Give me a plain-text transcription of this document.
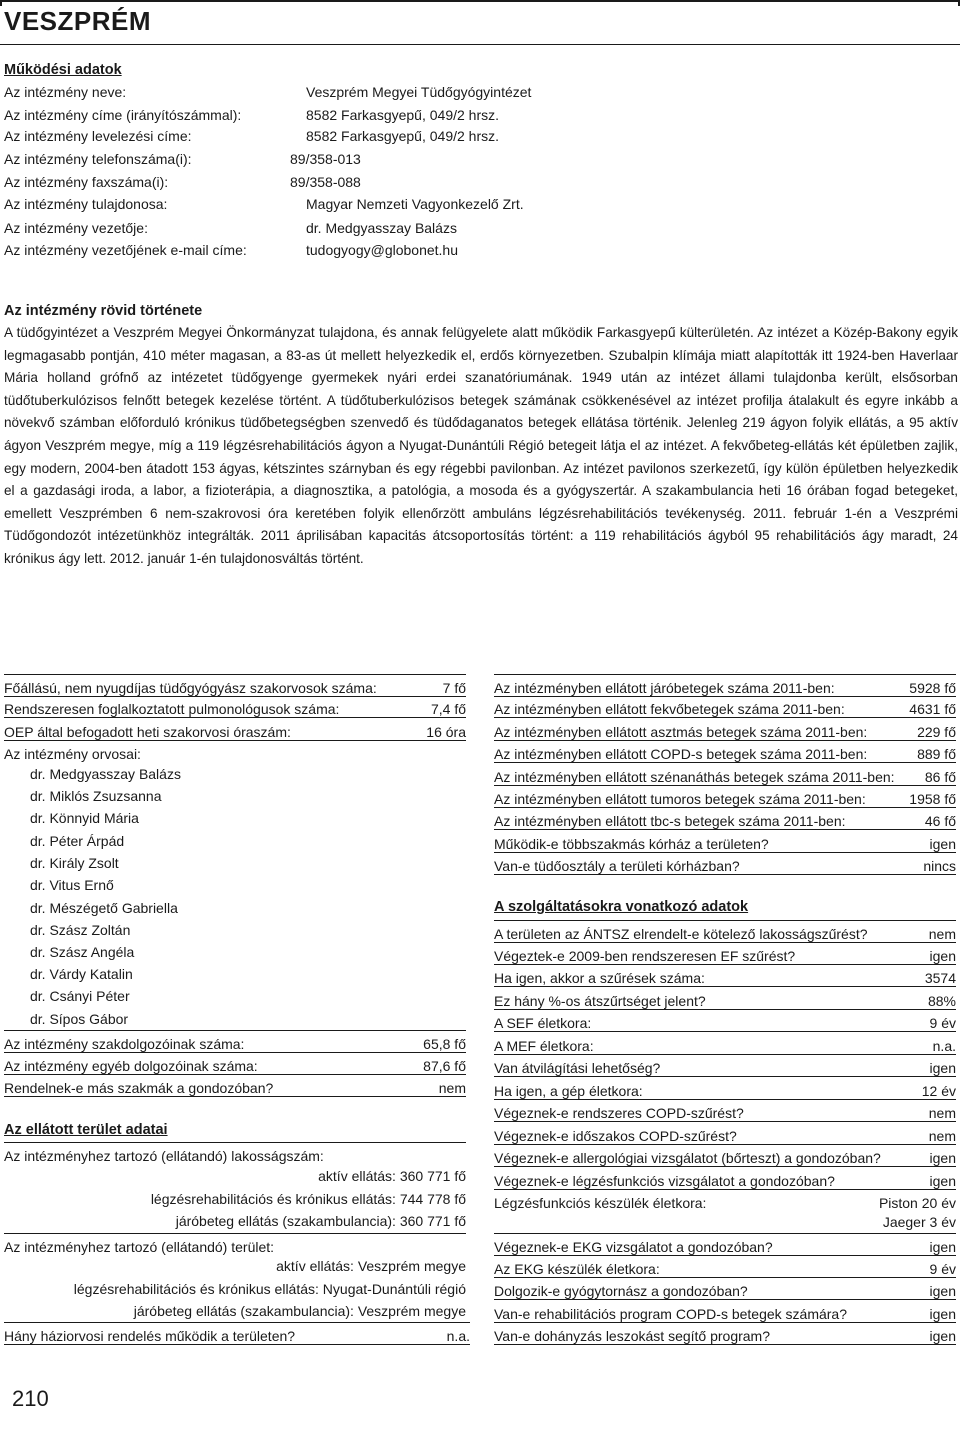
VESZPRÉM
Működési adatok
Az intézmény neve:	Veszprém Megyei Tüdőgyógyintézet
Az intézmény címe (irányítószámmal):	8582 Farkasgyepű, 049/2 hrsz.
Az intézmény levelezési címe:	8582 Farkasgyepű, 049/2 hrsz.
Az intézmény telefonszáma(i):	89/358-013
Az intézmény faxszáma(i):	89/358-088
Az intézmény tulajdonosa:	Magyar Nemzeti Vagyonkezelő Zrt.
Az intézmény vezetője:	dr. Medgyasszay Balázs
Az intézmény vezetőjének e-mail címe:	tudogyogy@globonet.hu
Az intézmény rövid története
A tüdőgyintézet a Veszprém Megyei Önkormányzat tulajdona, és annak felügyelete alatt működik Farkasgyepű külterületén. Az intézet a Közép-Bakony egyik legmagasabb pontján, 410 méter magasan, a 83-as út mellett helyezkedik el, erdős környezetben. Szubalpin klímája miatt alapították itt 1924-ben Haverlaar Mária holland grófnő az intézetet tüdőgyenge gyermekek nyári erdei szanatóriumának. 1949 után az intézet állami tulajdonba került, elsősorban tüdőtuberkulózisos felnőtt betegek kezelése történt. A tüdőtuberkulózisos betegek számának csökkenésével az intézet profilja átalakult és egyre inkább a növekvő számban előforduló krónikus tüdőbetegségben szenvedő és tüdődaganatos betegek ellátása történik. Jelenleg 219 ágyon folyik ellátás, a 95 aktív ágyon Veszprém megye, míg a 119 légzésrehabilitációs ágyon a Nyugat-Dunántúli Régió betegeit látja el az intézet. A fekvőbeteg-ellátás két épületben zajlik, egy modern, 2004-ben átadott 153 ágyas, kétszintes szárnyban és egy régebbi pavilonban. Az intézet pavilonos szerkezetű, így külön épületben helyezkedik el a gazdasági iroda, a labor, a fizioterápia, a diagnosztika, a patológia, a mosoda és a gyógyszertár. A szakambulancia heti 16 órában fogad betegeket, emellett Veszprémben 6 nem-szakrovosi óra keretében folyik ellenőrzött ambuláns légzésrehabilitációs tevékenység. 2011. február 1-én a Veszprémi Tüdőgondozót intézetünkhöz integrálták. 2011 áprilisában kapacitás átcsoportosítás történt: a 119 rehabilitációs ágyból 95 rehabilitációs ágy maradt, 24 krónikus ágy lett. 2012. január 1-én tulajdonosváltás történt.
Főállású, nem nyugdíjas tüdőgyógyász szakorvosok száma:	7 fő
Rendszeresen foglalkoztatott pulmonológusok száma:	7,4 fő
OEP által befogadott heti szakorvosi óraszám:	16 óra
Az intézmény orvosai:
dr. Medgyasszay Balázs
dr. Miklós Zsuzsanna
dr. Könnyid Mária
dr. Péter Árpád
dr. Király Zsolt
dr. Vitus Ernő
dr. Mészégető Gabriella
dr. Szász Zoltán
dr. Szász Angéla
dr. Várdy Katalin
dr. Csányi Péter
dr. Sípos Gábor
Az intézmény szakdolgozóinak száma:	65,8 fő
Az intézmény egyéb dolgozóinak száma:	87,6 fő
Rendelnek-e más szakmák a gondozóban?	nem
Az ellátott terület adatai
Az intézményhez tartozó (ellátandó) lakosságszám:
aktív ellátás: 360 771 fő
légzésrehabilitációs és krónikus ellátás: 744 778 fő
járóbeteg ellátás (szakambulancia): 360 771 fő
Az intézményhez tartozó (ellátandó) terület:
aktív ellátás: Veszprém megye
légzésrehabilitációs és krónikus ellátás: Nyugat-Dunántúli régió
járóbeteg ellátás (szakambulancia): Veszprém megye
Hány háziorvosi rendelés működik a területen?	n.a.
Az intézményben ellátott járóbetegek száma 2011-ben:	5928 fő
Az intézményben ellátott fekvőbetegek száma 2011-ben:	4631 fő
Az intézményben ellátott asztmás betegek száma 2011-ben:	229 fő
Az intézményben ellátott COPD-s betegek száma 2011-ben:	889 fő
Az intézményben ellátott szénanáthás betegek száma 2011-ben: 86 fő
Az intézményben ellátott tumoros betegek száma 2011-ben:	1958 fő
Az intézményben ellátott tbc-s betegek száma 2011-ben:	46 fő
Működik-e többszakmás kórház a területen?	igen
Van-e tüdőosztály a területi kórházban?	nincs
A szolgáltatásokra vonatkozó adatok
A területen az ÁNTSZ elrendelt-e kötelező lakosságszűrést?	nem
Végeztek-e 2009-ben rendszeresen EF szűrést?	igen
Ha igen, akkor a szűrések száma:	3574
Ez hány %-os átszűrtséget jelent?	88%
A SEF életkora:	9 év
A MEF életkora:	n.a.
Van átvilágítási lehetőség?	igen
Ha igen, a gép életkora:	12 év
Végeznek-e rendszeres COPD-szűrést?	nem
Végeznek-e időszakos COPD-szűrést?	nem
Végeznek-e allergológiai vizsgálatot (bőrteszt) a gondozóban?	igen
Végeznek-e légzésfunkciós vizsgálatot a gondozóban?	igen
Légzésfunkciós készülék életkora:	Piston 20 év
Jaeger 3 év
Végeznek-e EKG vizsgálatot a gondozóban?	igen
Az EKG készülék életkora:	9 év
Dolgozik-e gyógytornász a gondozóban?	igen
Van-e rehabilitációs program COPD-s betegek számára?	igen
Van-e dohányzás leszokást segítő program?	igen
210
